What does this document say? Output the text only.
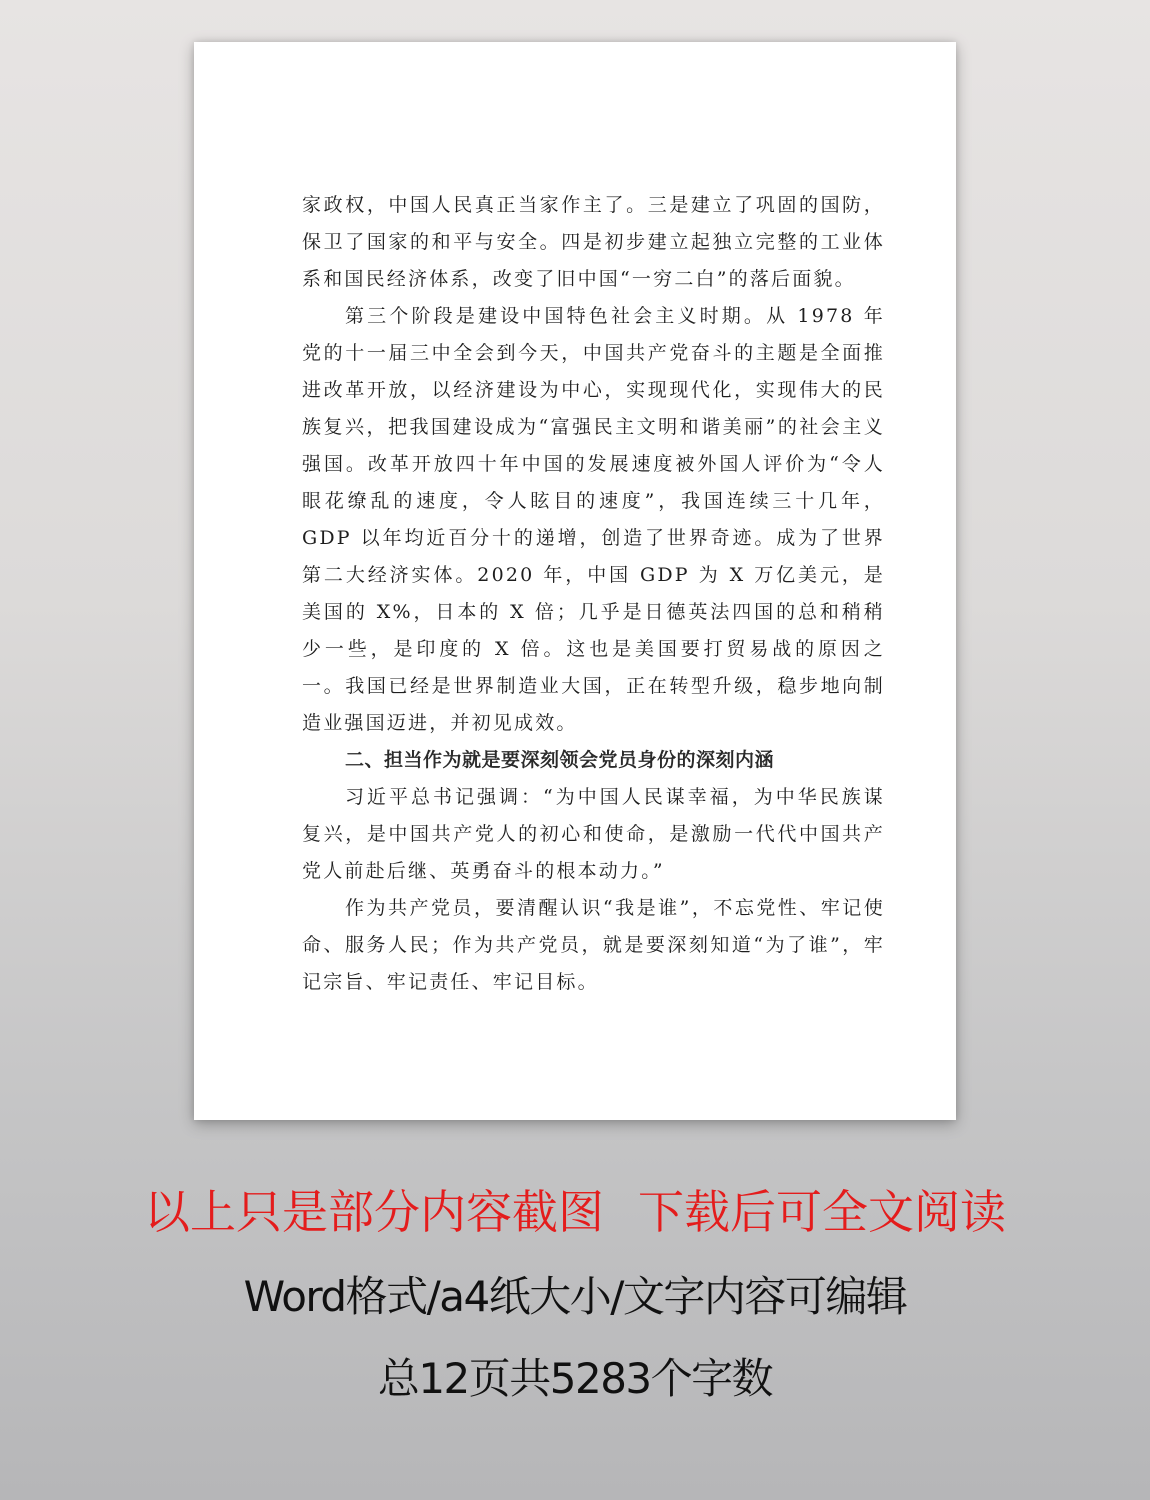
家政权，中国人民真正当家作主了。三是建立了巩固的国防，保卫了国家的和平与安全。四是初步建立起独立完整的工业体系和国民经济体系，改变了旧中国“一穷二白”的落后面貌。

第三个阶段是建设中国特色社会主义时期。从 1978 年党的十一届三中全会到今天，中国共产党奋斗的主题是全面推进改革开放，以经济建设为中心，实现现代化，实现伟大的民族复兴，把我国建设成为“富强民主文明和谐美丽”的社会主义强国。改革开放四十年中国的发展速度被外国人评价为“令人眼花缭乱的速度，令人眩目的速度”，我国连续三十几年，GDP 以年均近百分十的递增，创造了世界奇迹。成为了世界第二大经济实体。2020 年，中国 GDP 为 X 万亿美元，是美国的 X%，日本的 X 倍；几乎是日德英法四国的总和稍稍少一些，是印度的 X 倍。这也是美国要打贸易战的原因之一。我国已经是世界制造业大国，正在转型升级，稳步地向制造业强国迈进，并初见成效。

二、担当作为就是要深刻领会党员身份的深刻内涵

习近平总书记强调：“为中国人民谋幸福，为中华民族谋复兴，是中国共产党人的初心和使命，是激励一代代中国共产党人前赴后继、英勇奋斗的根本动力。”

作为共产党员，要清醒认识“我是谁”，不忘党性、牢记使命、服务人民；作为共产党员，就是要深刻知道“为了谁”，牢记宗旨、牢记责任、牢记目标。

以上只是部分内容截图 下载后可全文阅读
Word格式/a4纸大小/文字内容可编辑
总12页共5283个字数
